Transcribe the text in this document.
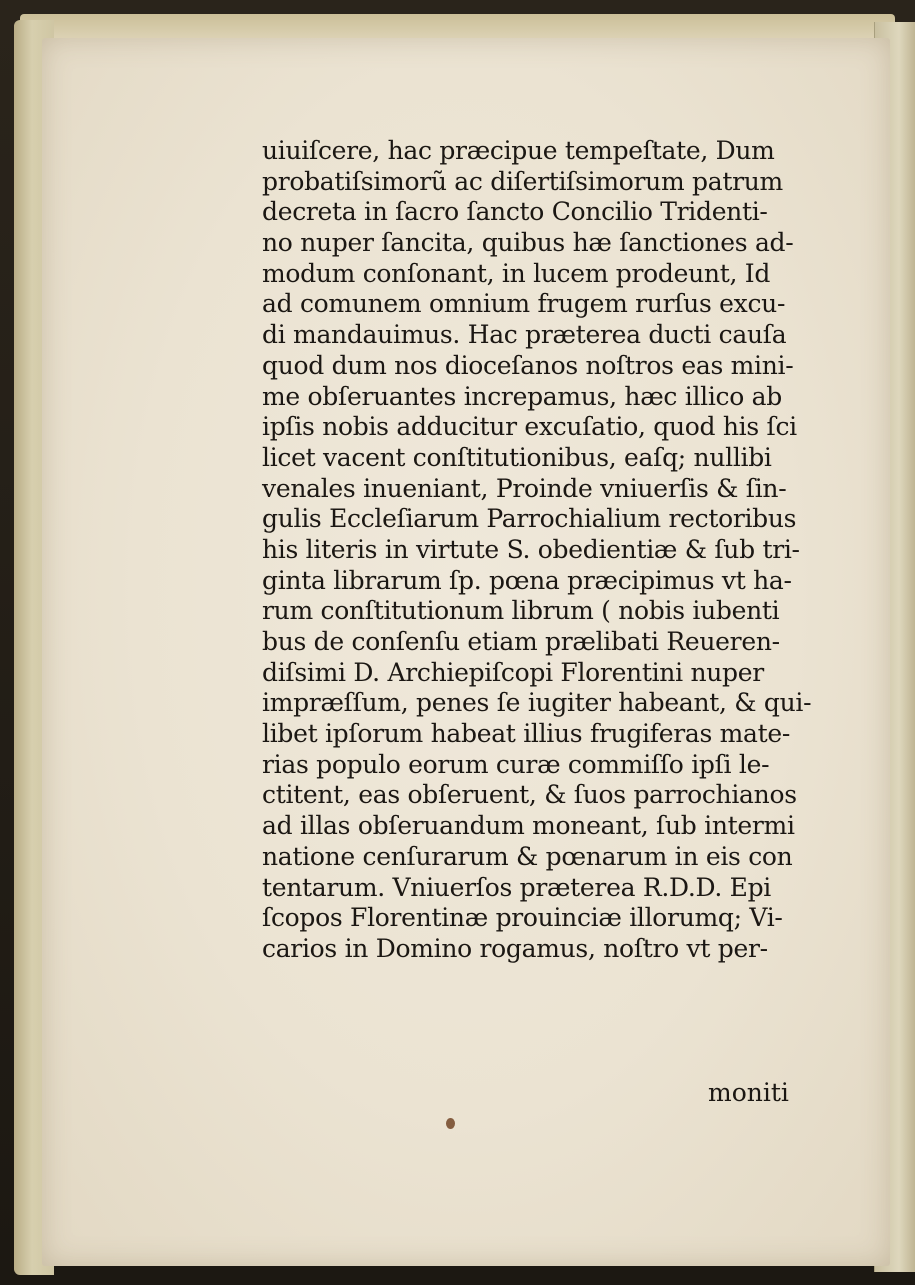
uiuiſcere, hac præcipue tempeſtate, Dum
probatiſsimorũ ac diſertiſsimorum patrum
decreta in ſacro ſancto Concilio Tridenti-
no nuper ſancita, quibus hæ ſanctiones ad-
modum conſonant, in lucem prodeunt, Id
ad comunem omnium frugem rurſus excu-
di mandauimus. Hac prӕterea ducti cauſa
quod dum nos dioceſanos noſtros eas mini-
me obſeruantes increpamus, hæc illico ab
ipſis nobis adducitur excuſatio, quod his ſci
licet vacent conſtitutionibus, eaſq; nullibi
venales inueniant, Proinde vniuerſis & ſin-
gulis Eccleſiarum Parrochialium rectoribus
his literis in virtute S. obedientiæ & ſub tri-
ginta librarum ſp. pœna præcipimus vt ha-
rum conſtitutionum librum ( nobis iubenti
bus de conſenſu etiam prælibati Reueren-
diſsimi D. Archiepiſcopi Florentini nuper
impræſſum, penes ſe iugiter habeant, & qui-
libet ipſorum habeat illius frugiferas mate-
rias populo eorum curæ commiſſo ipſi le-
ctitent, eas obſeruent, & ſuos parrochianos
ad illas obſeruandum moneant, ſub intermi
natione cenſurarum & pœnarum in eis con
tentarum. Vniuerſos præterea R.D.D. Epi
ſcopos Florentinæ prouinciæ illorumq; Vi-
carios in Domino rogamus, noſtro vt per-
moniti
